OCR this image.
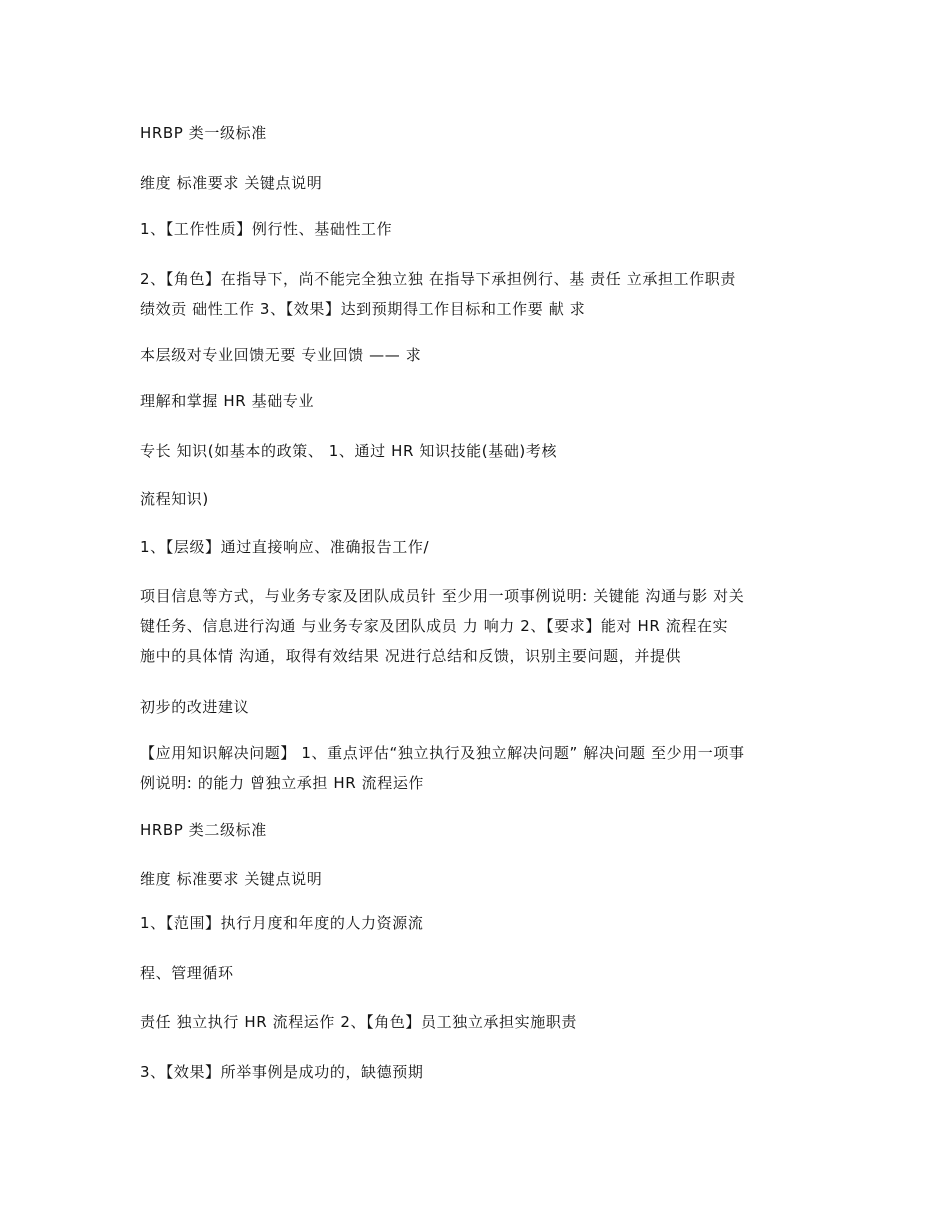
HRBP 类一级标准
维度 标准要求 关键点说明
1、【工作性质】例行性、基础性工作
2、【角色】在指导下，尚不能完全独立独 在指导下承担例行、基 责任 立承担工作职责
绩效贡 础性工作 3、【效果】达到预期得工作目标和工作要 献 求
本层级对专业回馈无要 专业回馈 —— 求
理解和掌握 HR 基础专业
专长 知识(如基本的政策、 1、通过 HR 知识技能(基础)考核
流程知识)
1、【层级】通过直接响应、准确报告工作/
项目信息等方式，与业务专家及团队成员针 至少用一项事例说明: 关键能 沟通与影 对关
键任务、信息进行沟通 与业务专家及团队成员 力 响力 2、【要求】能对 HR 流程在实
施中的具体情 沟通，取得有效结果 况进行总结和反馈，识别主要问题，并提供
初步的改进建议
【应用知识解决问题】 1、重点评估“独立执行及独立解决问题” 解决问题 至少用一项事
例说明: 的能力 曾独立承担 HR 流程运作
HRBP 类二级标准
维度 标准要求 关键点说明
1、【范围】执行月度和年度的人力资源流
程、管理循环
责任 独立执行 HR 流程运作 2、【角色】员工独立承担实施职责
3、【效果】所举事例是成功的，缺德预期
